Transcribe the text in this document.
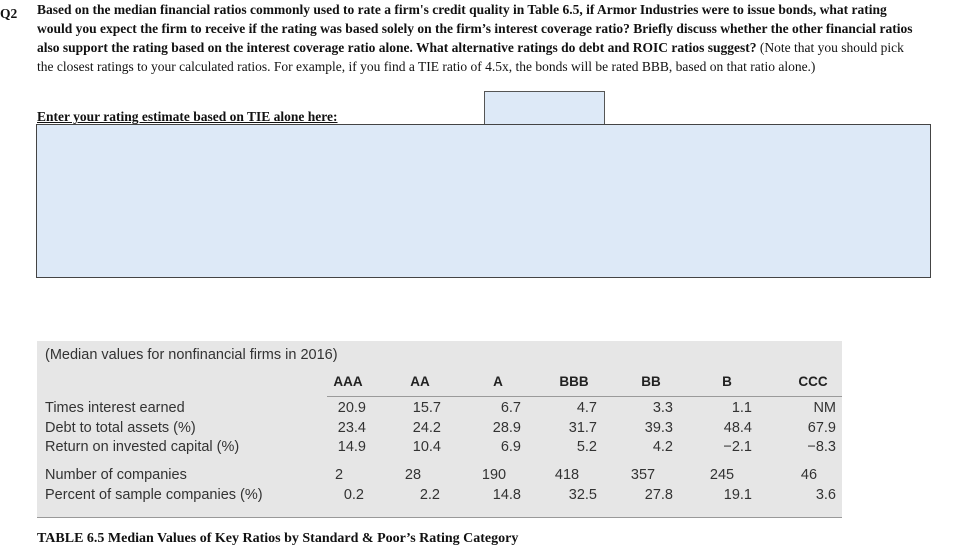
Q2 Based on the median financial ratios commonly used to rate a firm's credit quality in Table 6.5, if Armor Industries were to issue bonds, what rating would you expect the firm to receive if the rating was based solely on the firm’s interest coverage ratio? Briefly discuss whether the other financial ratios also support the rating based on the interest coverage ratio alone. What alternative ratings do debt and ROIC ratios suggest? (Note that you should pick the closest ratings to your calculated ratios. For example, if you find a TIE ratio of 4.5x, the bonds will be rated BBB, based on that ratio alone.)
Enter your rating estimate based on TIE alone here:
(Median values for nonfinancial firms in 2016)
AAA	AA	A	BBB	BB	B	CCC
Times interest earned	20.9	15.7	6.7	4.7	3.3	1.1	NM
Debt to total assets (%)	23.4	24.2	28.9	31.7	39.3	48.4	67.9
Return on invested capital (%)	14.9	10.4	6.9	5.2	4.2	−2.1	−8.3
Number of companies	2	28	190	418	357	245	46
Percent of sample companies (%)	0.2	2.2	14.8	32.5	27.8	19.1	3.6
TABLE 6.5 Median Values of Key Ratios by Standard & Poor’s Rating Category
